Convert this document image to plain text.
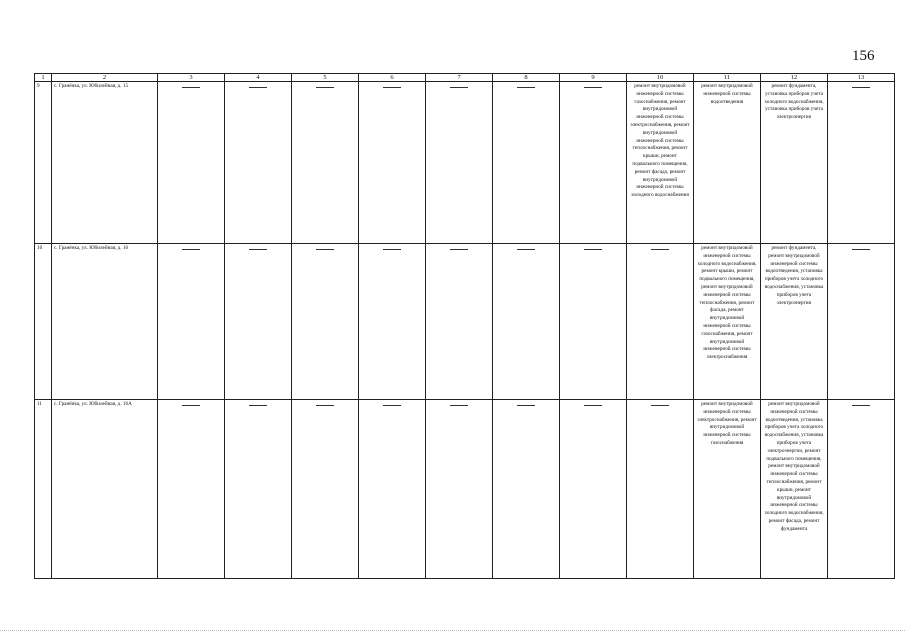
156
1	2	3	4	5	6	7	8	9	10	11	12	13
9	с. Гранёнка, ул. Юбилейная, д. 15								ремонт внутридомовой инженерной системы газоснабжения, ремонт внутридомовой инженерной системы электроснабжения, ремонт внутридомовой инженерной системы теплоснабжения, ремонт крыши, ремонт подвального помещения, ремонт фасада, ремонт внутридомовой инженерной системы холодного водоснабжения	ремонт внутридомовой инженерной системы водоотведения	ремонт фундамента, установка приборов учета холодного водоснабжения, установка приборов учета электроэнергии	

10	с. Гранёнка, ул. Юбилейная, д. 16									ремонт внутридомовой инженерной системы холодного водоснабжения, ремонт крыши, ремонт подвального помещения, ремонт внутридомовой инженерной системы теплоснабжения, ремонт фасада, ремонт внутридомовой инженерной системы газоснабжения, ремонт внутридомовой инженерной системы электроснабжения	ремонт фундамента, ремонт внутридомовой инженерной системы водоотведения, установка приборов учета холодного водоснабжения, установка приборов учета электроэнергии	

11	с. Гранёнка, ул. Юбилейная, д. 16А									ремонт внутридомовой инженерной системы электроснабжения, ремонт внутридомовой инженерной системы газоснабжения	ремонт внутридомовой инженерной системы водоотведения, установка приборов учета холодного водоснабжения, установка приборов учета электроэнергии, ремонт подвального помещения, ремонт внутридомовой инженерной системы теплоснабжения, ремонт крыши, ремонт внутридомовой инженерной системы холодного водоснабжения, ремонт фасада, ремонт фундамента	
